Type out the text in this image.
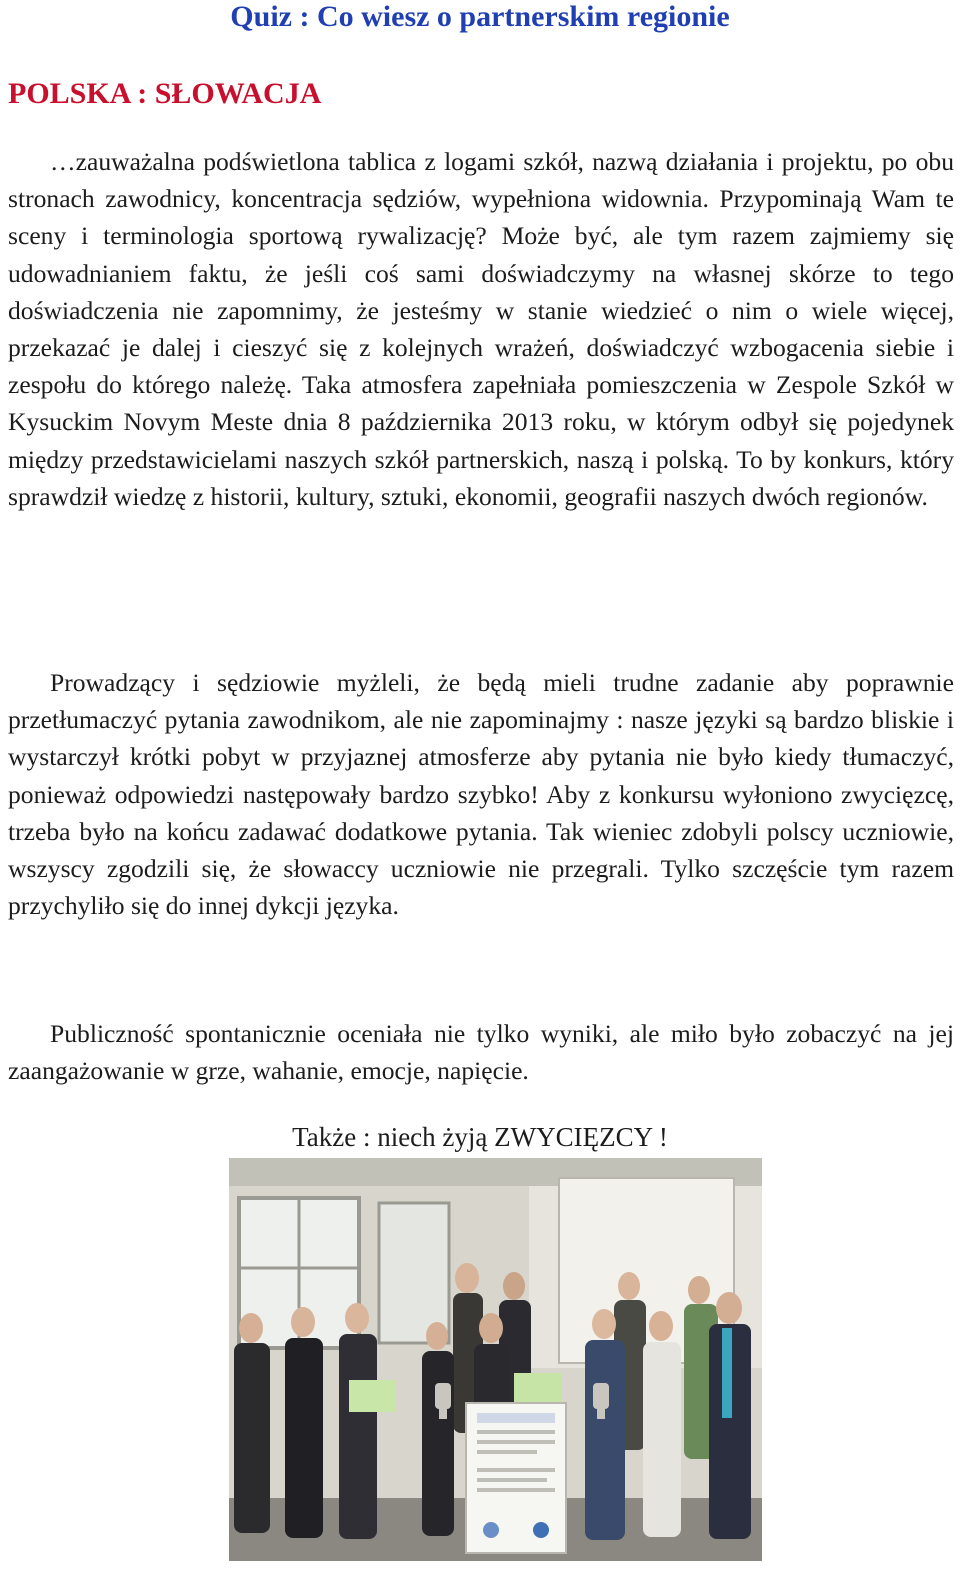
Quiz : Co wiesz o partnerskim regionie
POLSKA : SŁOWACJA

…zauważalna podświetlona tablica z logami szkół, nazwą działania i projektu, po obu stronach zawodnicy, koncentracja sędziów, wypełniona widownia. Przypominają Wam te sceny i terminologia sportową rywalizację? Może być, ale tym razem zajmiemy się udowadnianiem faktu, że jeśli coś sami doświadczymy na własnej skórze to tego doświadczenia nie zapomnimy, że jesteśmy w stanie wiedzieć o nim o wiele więcej, przekazać je dalej i cieszyć się z kolejnych wrażeń, doświadczyć wzbogacenia siebie i zespołu do którego należę. Taka atmosfera zapełniała pomieszczenia w Zespole Szkół w Kysuckim Novym Meste dnia 8 października 2013 roku, w którym odbył się pojedynek między przedstawicielami naszych szkół partnerskich, naszą i polską. To by konkurs, który sprawdził wiedzę z historii, kultury, sztuki, ekonomii, geografii naszych dwóch regionów.

Prowadzący i sędziowie myżleli, że będą mieli trudne zadanie aby poprawnie przetłumaczyć pytania zawodnikom, ale nie zapominajmy : nasze języki są bardzo bliskie i wystarczył krótki pobyt w przyjaznej atmosferze aby pytania nie było kiedy tłumaczyć, ponieważ odpowiedzi następowały bardzo szybko! Aby z konkursu wyłoniono zwycięzcę, trzeba było na końcu zadawać dodatkowe pytania. Tak wieniec zdobyli polscy uczniowie, wszyscy zgodzili się, że słowaccy uczniowie nie przegrali. Tylko szczęście tym razem przychyliło się do innej dykcji języka.

Publiczność spontanicznie oceniała nie tylko wyniki, ale miło było zobaczyć na jej zaangażowanie w grze, wahanie, emocje, napięcie.

Także : niech żyją ZWYCIĘZCY !
